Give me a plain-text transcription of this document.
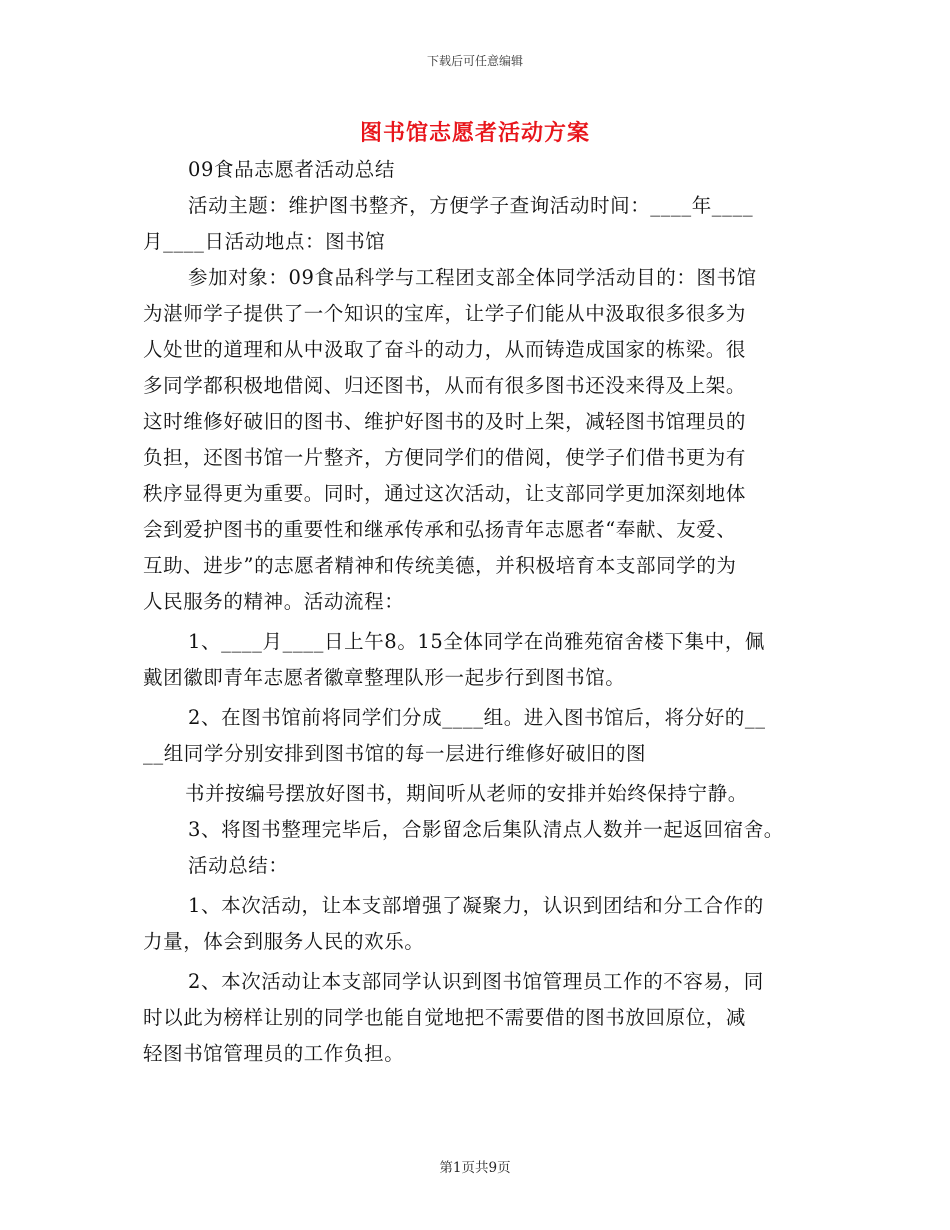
下载后可任意编辑
图书馆志愿者活动方案
09食品志愿者活动总结
活动主题：维护图书整齐，方便学子查询活动时间：____年____
月____日活动地点：图书馆
参加对象：09食品科学与工程团支部全体同学活动目的：图书馆
为湛师学子提供了一个知识的宝库，让学子们能从中汲取很多很多为
人处世的道理和从中汲取了奋斗的动力，从而铸造成国家的栋梁。很
多同学都积极地借阅、归还图书，从而有很多图书还没来得及上架。
这时维修好破旧的图书、维护好图书的及时上架，减轻图书馆理员的
负担，还图书馆一片整齐，方便同学们的借阅，使学子们借书更为有
秩序显得更为重要。同时，通过这次活动，让支部同学更加深刻地体
会到爱护图书的重要性和继承传承和弘扬青年志愿者“奉献、友爱、
互助、进步”的志愿者精神和传统美德，并积极培育本支部同学的为
人民服务的精神。活动流程：
1、____月____日上午8。15全体同学在尚雅苑宿舍楼下集中，佩
戴团徽即青年志愿者徽章整理队形一起步行到图书馆。
2、在图书馆前将同学们分成____组。进入图书馆后，将分好的__
__组同学分别安排到图书馆的每一层进行维修好破旧的图
书并按编号摆放好图书，期间听从老师的安排并始终保持宁静。
3、将图书整理完毕后，合影留念后集队清点人数并一起返回宿舍。
活动总结：
1、本次活动，让本支部增强了凝聚力，认识到团结和分工合作的
力量，体会到服务人民的欢乐。
2、本次活动让本支部同学认识到图书馆管理员工作的不容易，同
时以此为榜样让别的同学也能自觉地把不需要借的图书放回原位，减
轻图书馆管理员的工作负担。
第1页共9页
